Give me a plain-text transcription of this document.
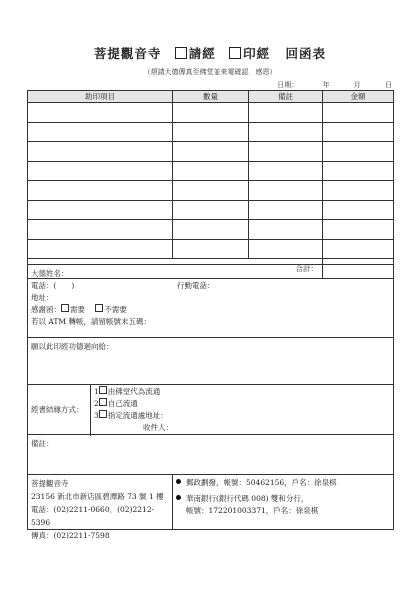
菩提觀音寺 請經 印經 回函表
（煩請大德傳真至佛堂並來電確認　感恩）
日期：	年	月	日
助印項目	數量	備註	金額

合計：			
大德姓名：
電話：(　　)	行動電話：
地址：
感謝函： 需要	不需要
若以 ATM 轉帳，請留帳號末五碼：
願以此印經功德迴向給：
經書結緣方式：
1 由佛堂代為流通
2 自己流通
3 指定流通處地址：
收件人：
備註：
菩提觀音寺
23156 新北市新店區碧潭路 73 號 1 樓
電話：(02)2211-0660．(02)2212-5396
傳真：(02)2211-7598
郵政劃撥，帳號：50462156，戶名：徐泉棋
華南銀行(銀行代碼 008) 雙和分行，
帳號：172201003371，戶名：徐泉棋
